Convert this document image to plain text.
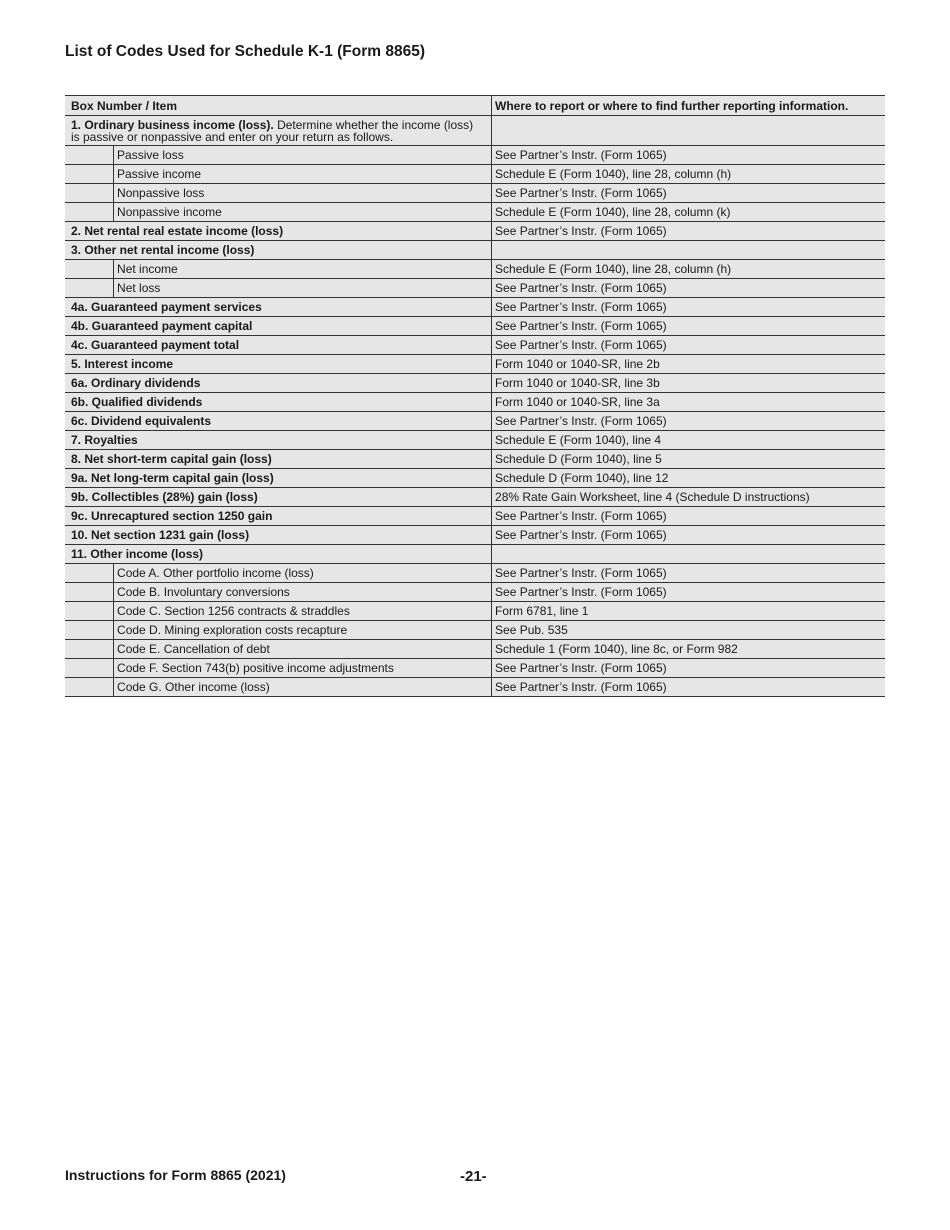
List of Codes Used for Schedule K-1 (Form 8865)
Box Number / Item		Where to report or where to find further reporting information.
1. Ordinary business income (loss). Determine whether the income (loss) is passive or nonpassive and enter on your return as follows.		
	Passive loss	See Partner’s Instr. (Form 1065)
	Passive income	Schedule E (Form 1040), line 28, column (h)
	Nonpassive loss	See Partner’s Instr. (Form 1065)
	Nonpassive income	Schedule E (Form 1040), line 28, column (k)
2. Net rental real estate income (loss)		See Partner’s Instr. (Form 1065)
3. Other net rental income (loss)		
	Net income	Schedule E (Form 1040), line 28, column (h)
	Net loss	See Partner’s Instr. (Form 1065)
4a. Guaranteed payment services		See Partner’s Instr. (Form 1065)
4b. Guaranteed payment capital		See Partner’s Instr. (Form 1065)
4c. Guaranteed payment total		See Partner’s Instr. (Form 1065)
5. Interest income		Form 1040 or 1040-SR, line 2b
6a. Ordinary dividends		Form 1040 or 1040-SR, line 3b
6b. Qualified dividends		Form 1040 or 1040-SR, line 3a
6c. Dividend equivalents		See Partner’s Instr. (Form 1065)
7. Royalties		Schedule E (Form 1040), line 4
8. Net short-term capital gain (loss)		Schedule D (Form 1040), line 5
9a. Net long-term capital gain (loss)		Schedule D (Form 1040), line 12
9b. Collectibles (28%) gain (loss)		28% Rate Gain Worksheet, line 4 (Schedule D instructions)
9c. Unrecaptured section 1250 gain		See Partner’s Instr. (Form 1065)
10. Net section 1231 gain (loss)		See Partner’s Instr. (Form 1065)
11. Other income (loss)		
	Code A. Other portfolio income (loss)	See Partner’s Instr. (Form 1065)
	Code B. Involuntary conversions	See Partner’s Instr. (Form 1065)
	Code C. Section 1256 contracts & straddles	Form 6781, line 1
	Code D. Mining exploration costs recapture	See Pub. 535
	Code E. Cancellation of debt	Schedule 1 (Form 1040), line 8c, or Form 982
	Code F. Section 743(b) positive income adjustments	See Partner’s Instr. (Form 1065)
	Code G. Other income (loss)	See Partner’s Instr. (Form 1065)
Instructions for Form 8865 (2021)	-21-
